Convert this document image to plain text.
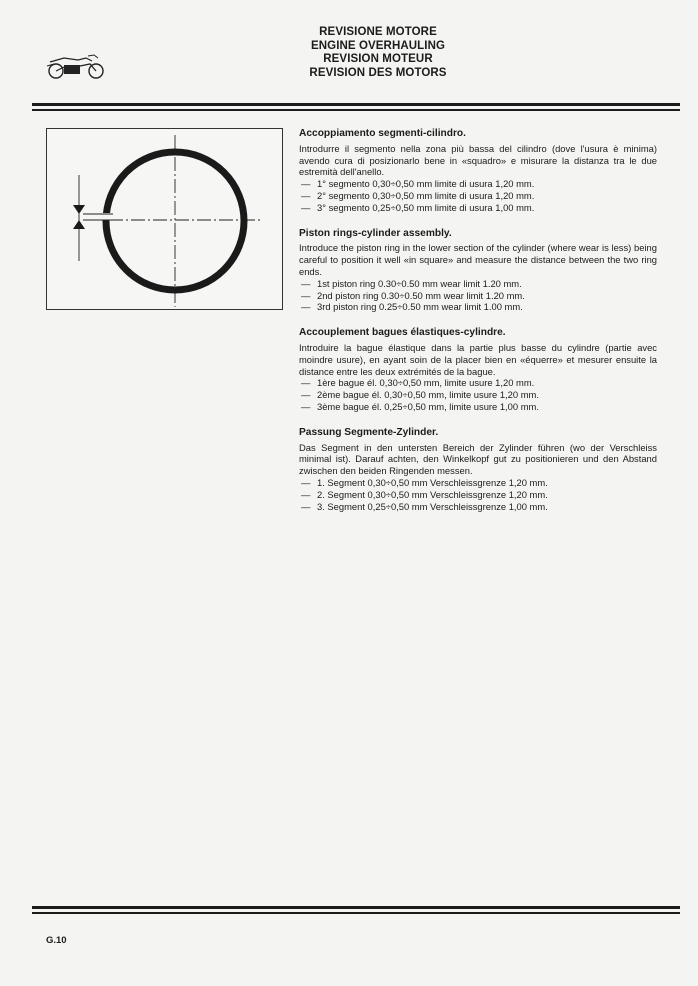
REVISIONE MOTORE
ENGINE OVERHAULING
REVISION MOTEUR
REVISION DES MOTORS
Accoppiamento segmenti-cilindro.

Introdurre il segmento nella zona più bassa del cilindro (dove l'usura è minima) avendo cura di posizionarlo bene in «squadro» e misurare la distanza tra le due estremità dell'anello.

— 1° segmento 0,30÷0,50 mm limite di usura 1,20 mm.
— 2° segmento 0,30÷0,50 mm limite di usura 1,20 mm.
— 3° segmento 0,25÷0,50 mm limite di usura 1,00 mm.
Piston rings-cylinder assembly.

Introduce the piston ring in the lower section of the cylinder (where wear is less) being careful to position it well «in square» and measure the distance between the two ring ends.

— 1st piston ring 0.30÷0.50 mm wear limit 1.20 mm.
— 2nd piston ring 0.30÷0.50 mm wear limit 1.20 mm.
— 3rd piston ring 0.25÷0.50 mm wear limit 1.00 mm.
Accouplement bagues élastiques-cylindre.

Introduire la bague élastique dans la partie plus basse du cylindre (partie avec moindre usure), en ayant soin de la placer bien en «équerre» et mesurer ensuite la distance entre les deux extrémités de la bague.

— 1ère bague él. 0,30÷0,50 mm, limite usure 1,20 mm.
— 2ème bague él. 0,30÷0,50 mm, limite usure 1,20 mm.
— 3ème bague él. 0,25÷0,50 mm, limite usure 1,00 mm.
Passung Segmente-Zylinder.

Das Segment in den untersten Bereich der Zylinder führen (wo der Verschleiss minimal ist). Darauf achten, den Winkelkopf gut zu positionieren und den Abstand zwischen den beiden Ringenden messen.

— 1. Segment 0,30÷0,50 mm Verschleissgrenze 1,20 mm.
— 2. Segment 0,30÷0,50 mm Verschleissgrenze 1,20 mm.
— 3. Segment 0,25÷0,50 mm Verschleissgrenze 1,00 mm.
G.10
